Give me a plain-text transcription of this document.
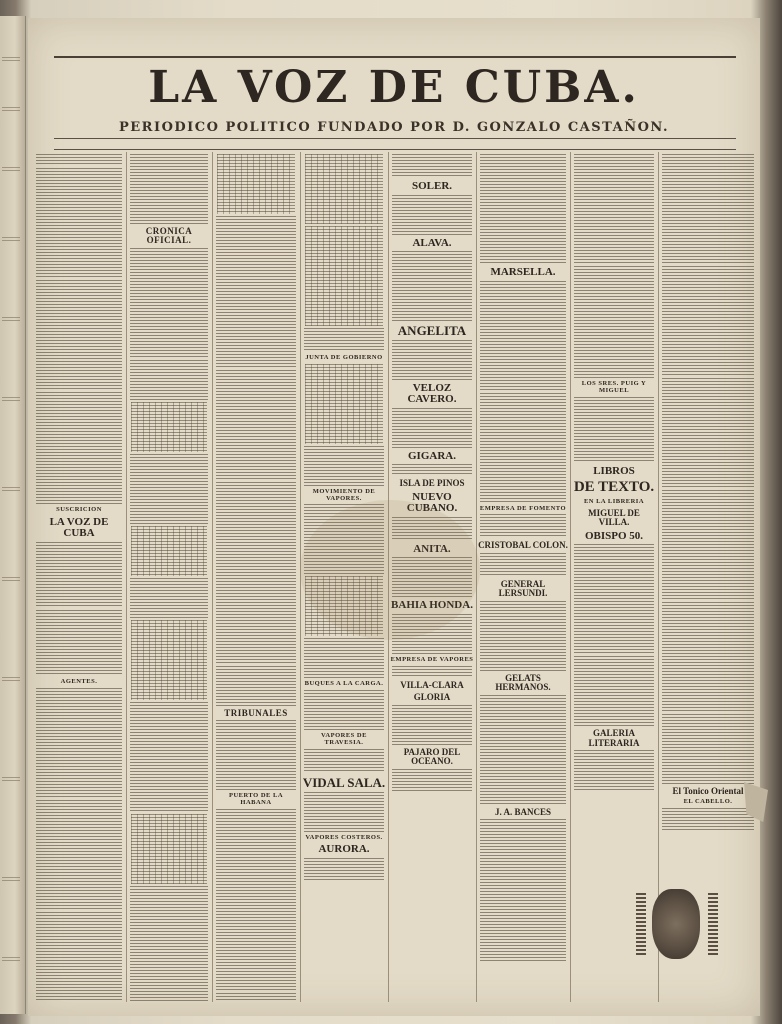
LA VOZ DE CUBA.
PERIODICO POLITICO FUNDADO POR D. GONZALO CASTAÑON.
SUSCRICION
LA VOZ DE CUBA
AGENTES.
CRONICA OFICIAL.
TRIBUNALES
PUERTO DE LA HABANA
JUNTA DE GOBIERNO
MOVIMIENTO DE VAPORES.
BUQUES A LA CARGA.
VAPORES DE TRAVESIA.
VIDAL SALA.
VAPORES COSTEROS.
AURORA.
SOLER.
ALAVA.
ANGELITA
VELOZ CAVERO.
GIGARA.
ISLA DE PINOS
NUEVO CUBANO.
ANITA.
BAHIA HONDA.
EMPRESA DE VAPORES
VILLA-CLARA
GLORIA
PAJARO DEL OCEANO.
MARSELLA.
EMPRESA DE FOMENTO
CRISTOBAL COLON.
GENERAL LERSUNDI.
GELATS HERMANOS.
J. A. BANCES
LOS SRES. PUIG Y MIGUEL
LIBROS
DE TEXTO.
EN LA LIBRERIA
MIGUEL DE VILLA.
OBISPO 50.
GALERIA LITERARIA
El Tonico Oriental
EL CABELLO.
